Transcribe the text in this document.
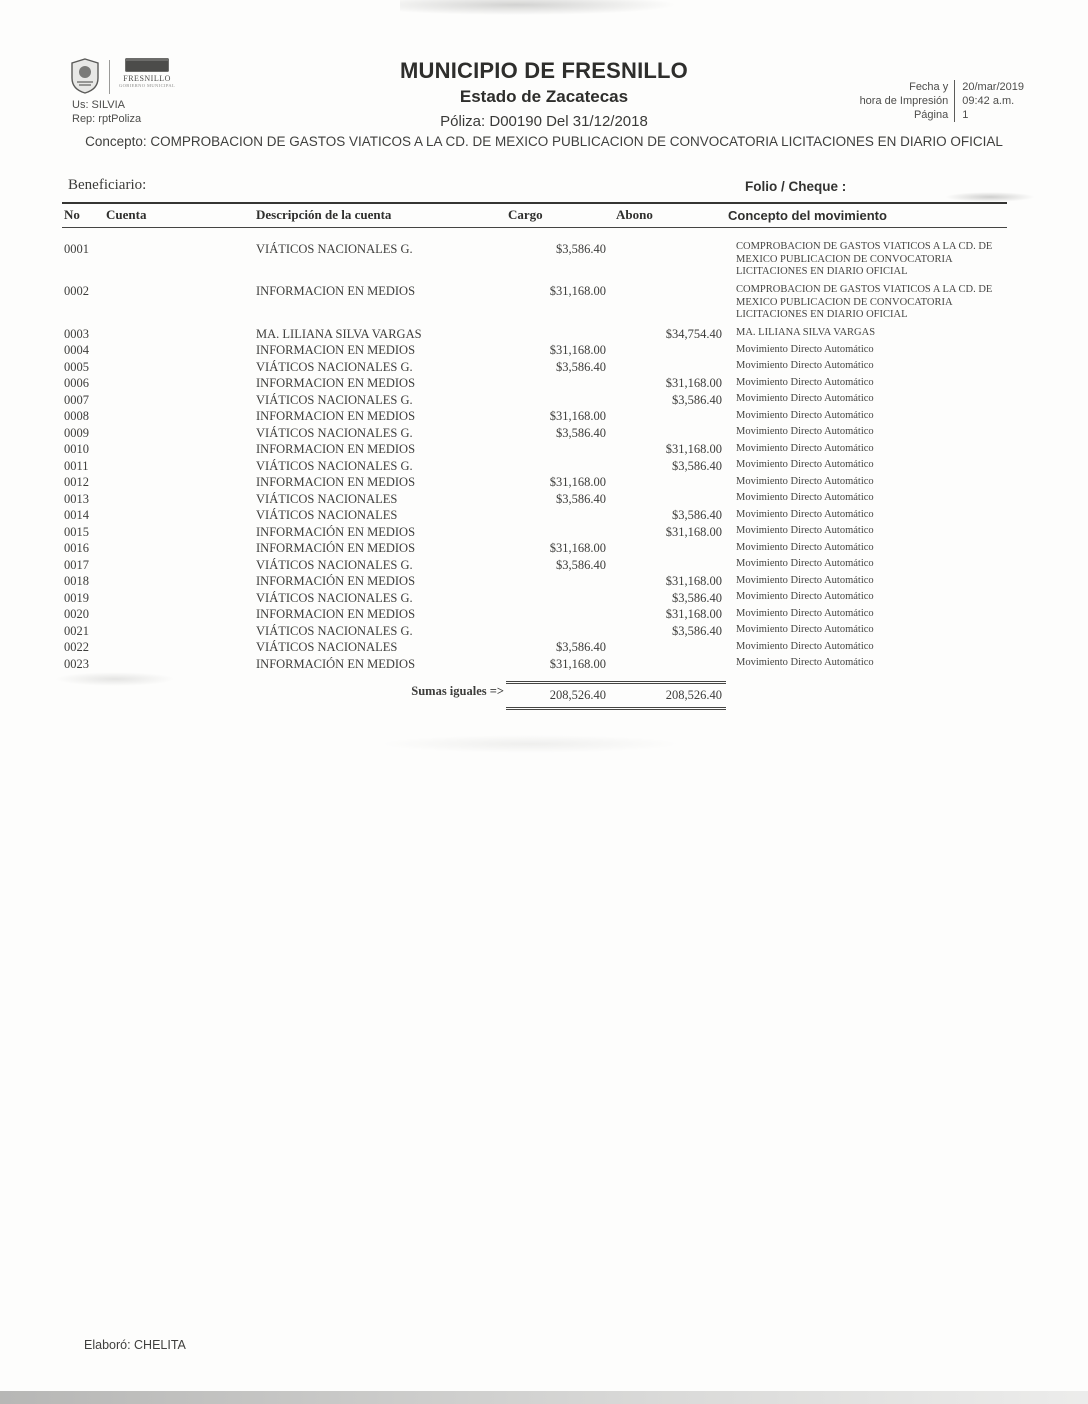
FRESNILLO
GOBIERNO MUNICIPAL
Us: SILVIA
Rep: rptPoliza
MUNICIPIO DE FRESNILLO
Estado de Zacatecas
Póliza: D00190 Del 31/12/2018
Fecha y
hora de Impresión
Página
20/mar/2019
09:42 a.m.
1
Concepto: COMPROBACION DE GASTOS VIATICOS A LA CD. DE MEXICO PUBLICACION DE CONVOCATORIA LICITACIONES EN DIARIO OFICIAL
Beneficiario:	Folio / Cheque :
No	Cuenta	Descripción de la cuenta	Cargo	Abono	Concepto del movimiento
0001		VIÁTICOS NACIONALES G.	$3,586.40		COMPROBACION DE GASTOS VIATICOS A LA CD. DE MEXICO PUBLICACION DE CONVOCATORIA LICITACIONES EN DIARIO OFICIAL
0002		INFORMACION EN MEDIOS	$31,168.00		COMPROBACION DE GASTOS VIATICOS A LA CD. DE MEXICO PUBLICACION DE CONVOCATORIA LICITACIONES EN DIARIO OFICIAL
0003		MA. LILIANA SILVA VARGAS		$34,754.40	MA. LILIANA SILVA VARGAS
0004		INFORMACION EN MEDIOS	$31,168.00		Movimiento Directo Automático
0005		VIÁTICOS NACIONALES G.	$3,586.40		Movimiento Directo Automático
0006		INFORMACION EN MEDIOS		$31,168.00	Movimiento Directo Automático
0007		VIÁTICOS NACIONALES G.		$3,586.40	Movimiento Directo Automático
0008		INFORMACION EN MEDIOS	$31,168.00		Movimiento Directo Automático
0009		VIÁTICOS NACIONALES G.	$3,586.40		Movimiento Directo Automático
0010		INFORMACION EN MEDIOS		$31,168.00	Movimiento Directo Automático
0011		VIÁTICOS NACIONALES G.		$3,586.40	Movimiento Directo Automático
0012		INFORMACION EN MEDIOS	$31,168.00		Movimiento Directo Automático
0013		VIÁTICOS NACIONALES	$3,586.40		Movimiento Directo Automático
0014		VIÁTICOS NACIONALES		$3,586.40	Movimiento Directo Automático
0015		INFORMACIÓN EN MEDIOS		$31,168.00	Movimiento Directo Automático
0016		INFORMACIÓN EN MEDIOS	$31,168.00		Movimiento Directo Automático
0017		VIÁTICOS NACIONALES G.	$3,586.40		Movimiento Directo Automático
0018		INFORMACIÓN EN MEDIOS		$31,168.00	Movimiento Directo Automático
0019		VIÁTICOS NACIONALES G.		$3,586.40	Movimiento Directo Automático
0020		INFORMACION EN MEDIOS		$31,168.00	Movimiento Directo Automático
0021		VIÁTICOS NACIONALES G.		$3,586.40	Movimiento Directo Automático
0022		VIÁTICOS NACIONALES	$3,586.40		Movimiento Directo Automático
0023		INFORMACIÓN EN MEDIOS	$31,168.00		Movimiento Directo Automático
Sumas iguales =>			208,526.40	208,526.40	
Elaboró: CHELITA
